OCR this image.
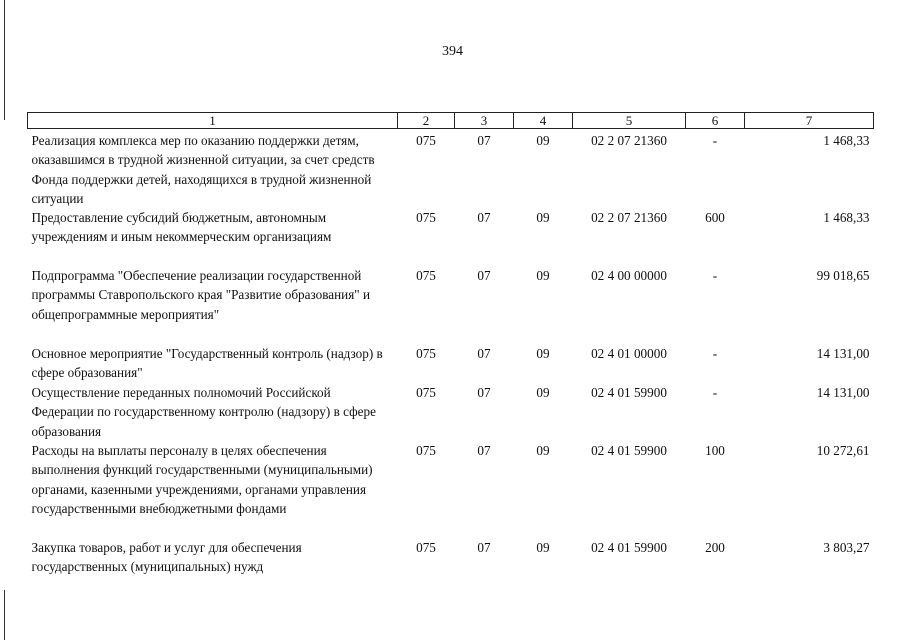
394
1	2	3	4	5	6	7
Реализация комплекса мер по оказанию поддержки детям, оказавшимся в трудной жизненной ситуации, за счет средств Фонда поддержки детей, находящихся в трудной жизненной ситуации	075	07	09	02 2 07 21360	-	1 468,33
Предоставление субсидий бюджетным, автономным учреждениям и иным некоммерческим организациям	075	07	09	02 2 07 21360	600	1 468,33
Подпрограмма "Обеспечение реализации государственной программы Ставропольского края "Развитие образования" и общепрограммные мероприятия"	075	07	09	02 4 00 00000	-	99 018,65
Основное мероприятие "Государственный контроль (надзор) в сфере образования"	075	07	09	02 4 01 00000	-	14 131,00
Осуществление переданных полномочий Российской Федерации по государственному контролю (надзору) в сфере образования	075	07	09	02 4 01 59900	-	14 131,00
Расходы на выплаты персоналу в целях обеспечения выполнения функций государственными (муниципальными) органами, казенными учреждениями, органами управления государственными внебюджетными фондами	075	07	09	02 4 01 59900	100	10 272,61
Закупка товаров, работ и услуг для обеспечения государственных (муниципальных) нужд	075	07	09	02 4 01 59900	200	3 803,27
